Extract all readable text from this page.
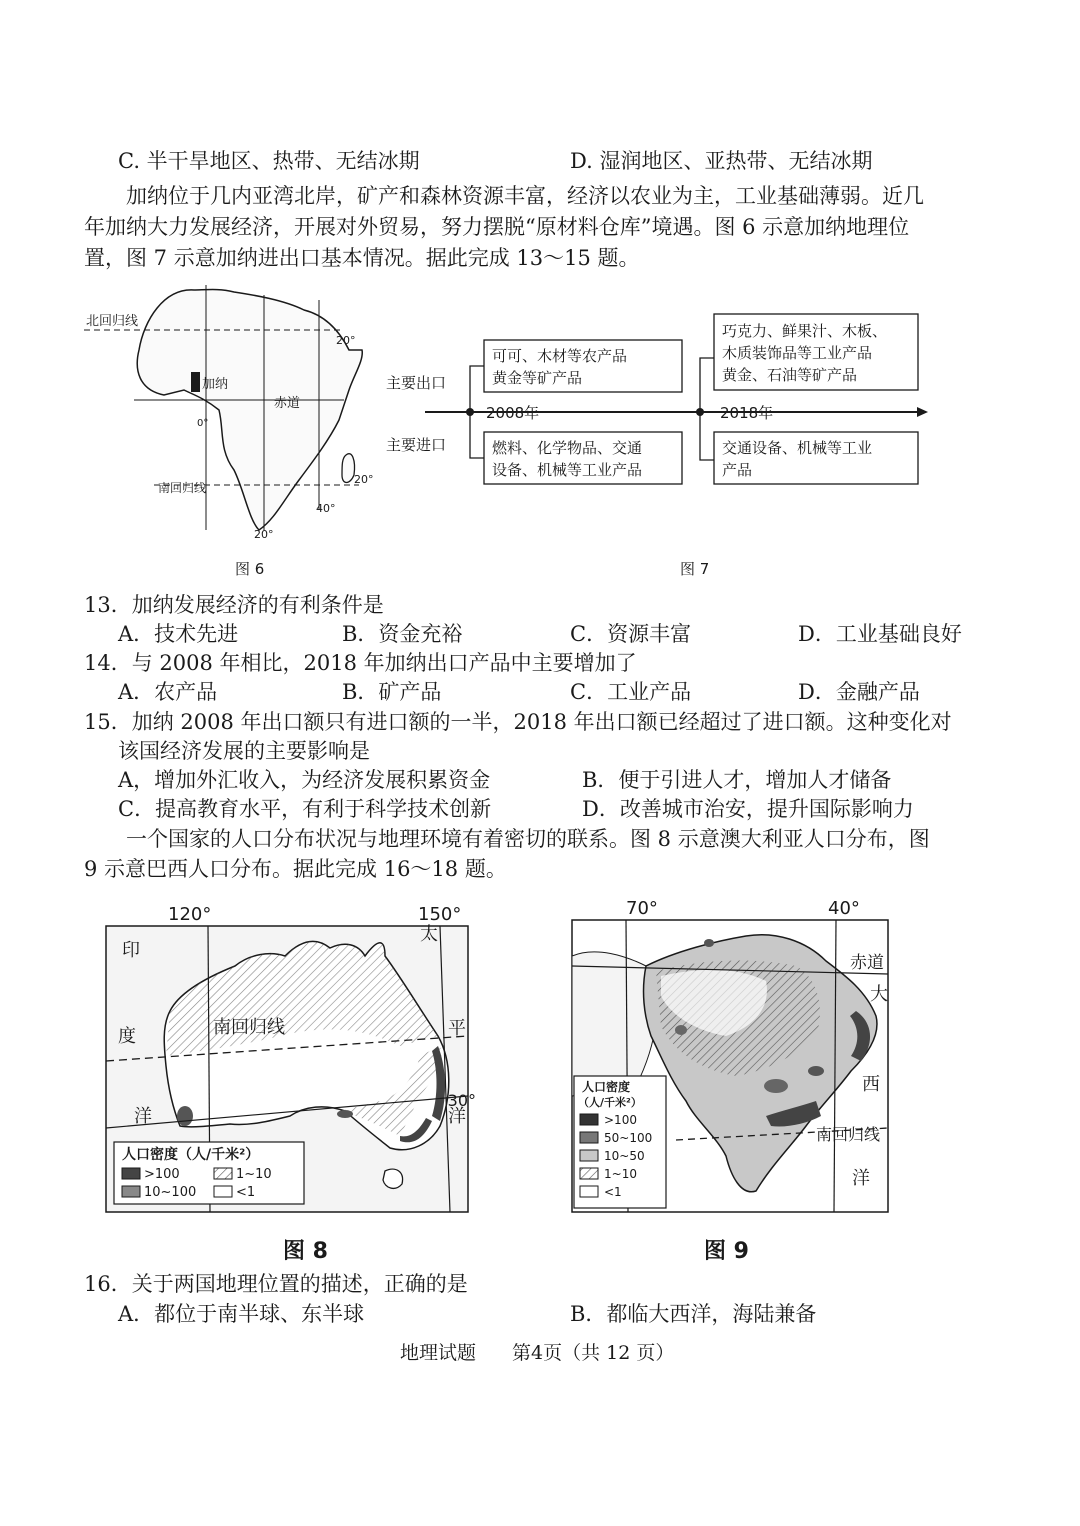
C. 半干旱地区、热带、无结冰期	D. 湿润地区、亚热带、无结冰期
加纳位于几内亚湾北岸，矿产和森林资源丰富，经济以农业为主，工业基础薄弱。近几
年加纳大力发展经济，开展对外贸易，努力摆脱“原材料仓库”境遇。图 6 示意加纳地理位
置，图 7 示意加纳进出口基本情况。据此完成 13～15 题。
加纳
北回归线
20°
赤道
0°
南回归线
20°
40°
20°
图 6
主要出口
主要进口
2008年	2018年
可可、木材等农产品
黄金等矿产品
燃料、化学物品、交通
设备、机械等工业产品
巧克力、鲜果汁、木板、
木质装饰品等工业产品
黄金、石油等矿产品
交通设备、机械等工业
产品
图 7
13．加纳发展经济的有利条件是
A．技术先进	B．资金充裕	C．资源丰富	D．工业基础良好
14．与 2008 年相比，2018 年加纳出口产品中主要增加了
A．农产品	B．矿产品	C．工业产品	D．金融产品
15．加纳 2008 年出口额只有进口额的一半，2018 年出口额已经超过了进口额。这种变化对
该国经济发展的主要影响是
A，增加外汇收入，为经济发展积累资金	B．便于引进人才，增加人才储备
C．提高教育水平，有利于科学技术创新	D．改善城市治安，提升国际影响力
一个国家的人口分布状况与地理环境有着密切的联系。图 8 示意澳大利亚人口分布，图
9 示意巴西人口分布。据此完成 16～18 题。
120°	150°
南回归线
印
度
洋
太
平
洋
30°
人口密度（人/千米²）
>100	1~10
10~100	<1
图 8
70°	40°
赤道
南回归线
大
西
洋
人口密度
（人/千米²）
>100
50~100
10~50
1~10
<1
图 9
16．关于两国地理位置的描述，正确的是
A．都位于南半球、东半球	B．都临大西洋，海陆兼备
地理试题 第4页（共 12 页）
